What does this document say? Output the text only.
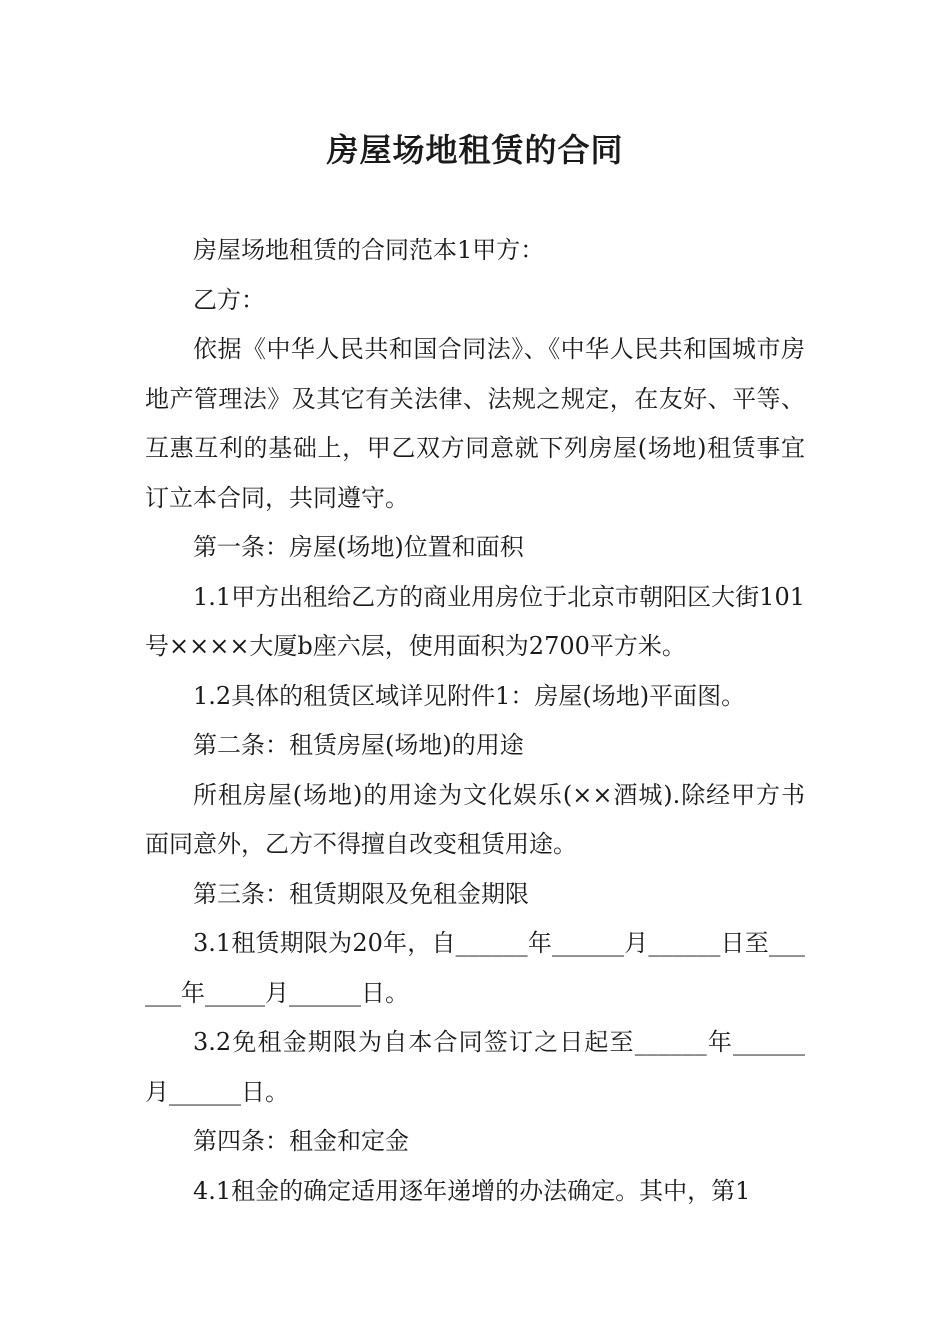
房屋场地租赁的合同

房屋场地租赁的合同范本1甲方：

乙方：

依据《中华人民共和国合同法》、《中华人民共和国城市房地产管理法》及其它有关法律、法规之规定，在友好、平等、互惠互利的基础上，甲乙双方同意就下列房屋(场地)租赁事宜订立本合同，共同遵守。

第一条：房屋(场地)位置和面积

1.1甲方出租给乙方的商业用房位于北京市朝阳区大街101号××××大厦b座六层，使用面积为2700平方米。

1.2具体的租赁区域详见附件1：房屋(场地)平面图。

第二条：租赁房屋(场地)的用途

所租房屋(场地)的用途为文化娱乐(××酒城).除经甲方书面同意外，乙方不得擅自改变租赁用途。

第三条：租赁期限及免租金期限

3.1租赁期限为20年，自______年______月______日至______年_____月______日。

3.2免租金期限为自本合同签订之日起至______年______月______日。

第四条：租金和定金

4.1租金的确定适用逐年递增的办法确定。其中，第1
